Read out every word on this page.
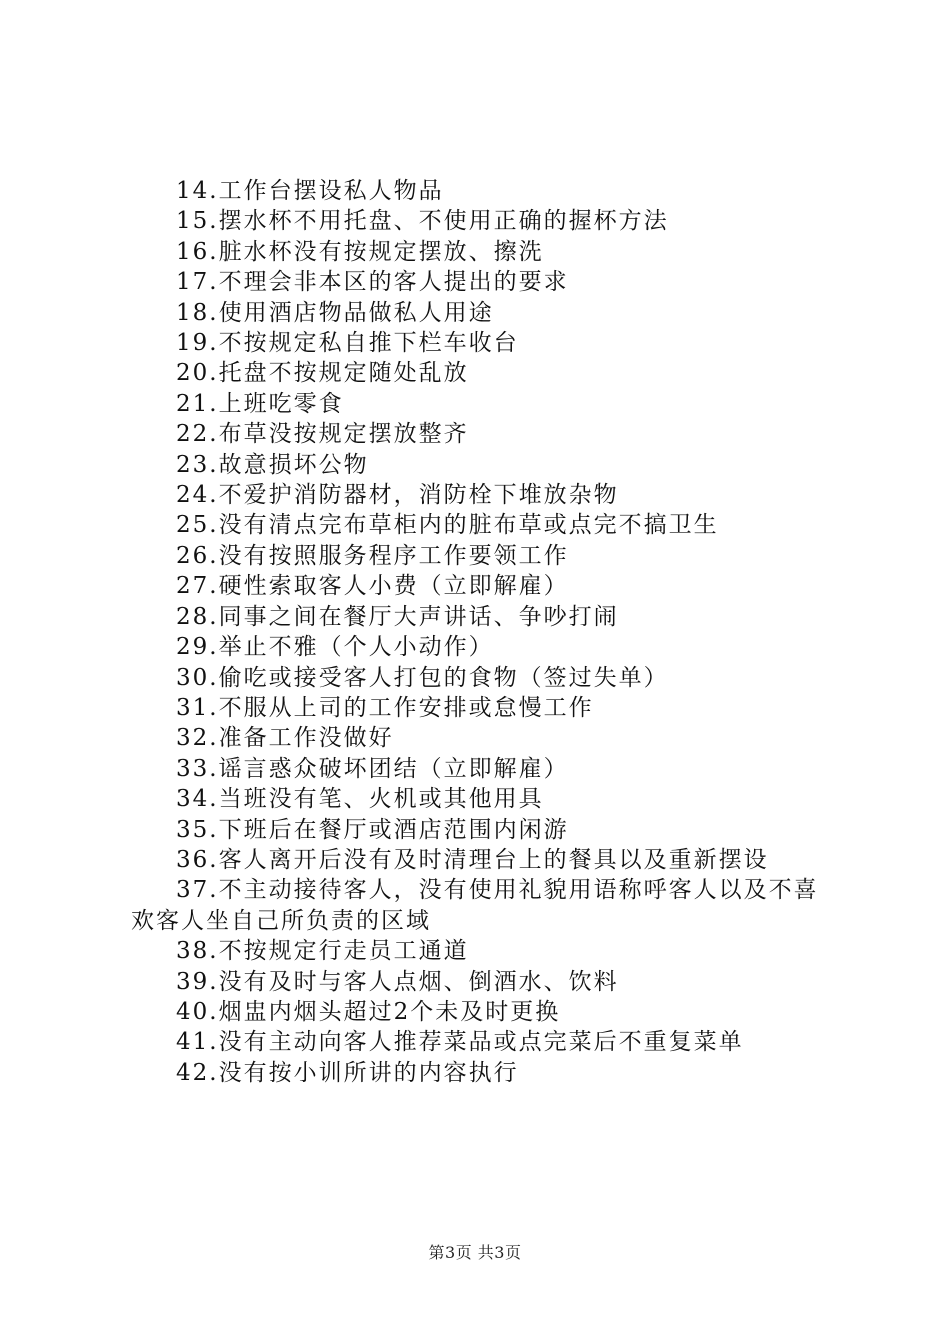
14.工作台摆设私人物品
15.摆水杯不用托盘、不使用正确的握杯方法
16.脏水杯没有按规定摆放、擦洗
17.不理会非本区的客人提出的要求
18.使用酒店物品做私人用途
19.不按规定私自推下栏车收台
20.托盘不按规定随处乱放
21.上班吃零食
22.布草没按规定摆放整齐
23.故意损坏公物
24.不爱护消防器材，消防栓下堆放杂物
25.没有清点完布草柜内的脏布草或点完不搞卫生
26.没有按照服务程序工作要领工作
27.硬性索取客人小费（立即解雇）
28.同事之间在餐厅大声讲话、争吵打闹
29.举止不雅（个人小动作）
30.偷吃或接受客人打包的食物（签过失单）
31.不服从上司的工作安排或怠慢工作
32.准备工作没做好
33.谣言惑众破坏团结（立即解雇）
34.当班没有笔、火机或其他用具
35.下班后在餐厅或酒店范围内闲游
36.客人离开后没有及时清理台上的餐具以及重新摆设
37.不主动接待客人，没有使用礼貌用语称呼客人以及不喜欢客人坐自己所负责的区域
38.不按规定行走员工通道
39.没有及时与客人点烟、倒酒水、饮料
40.烟盅内烟头超过2个未及时更换
41.没有主动向客人推荐菜品或点完菜后不重复菜单
42.没有按小训所讲的内容执行
第3页 共3页
